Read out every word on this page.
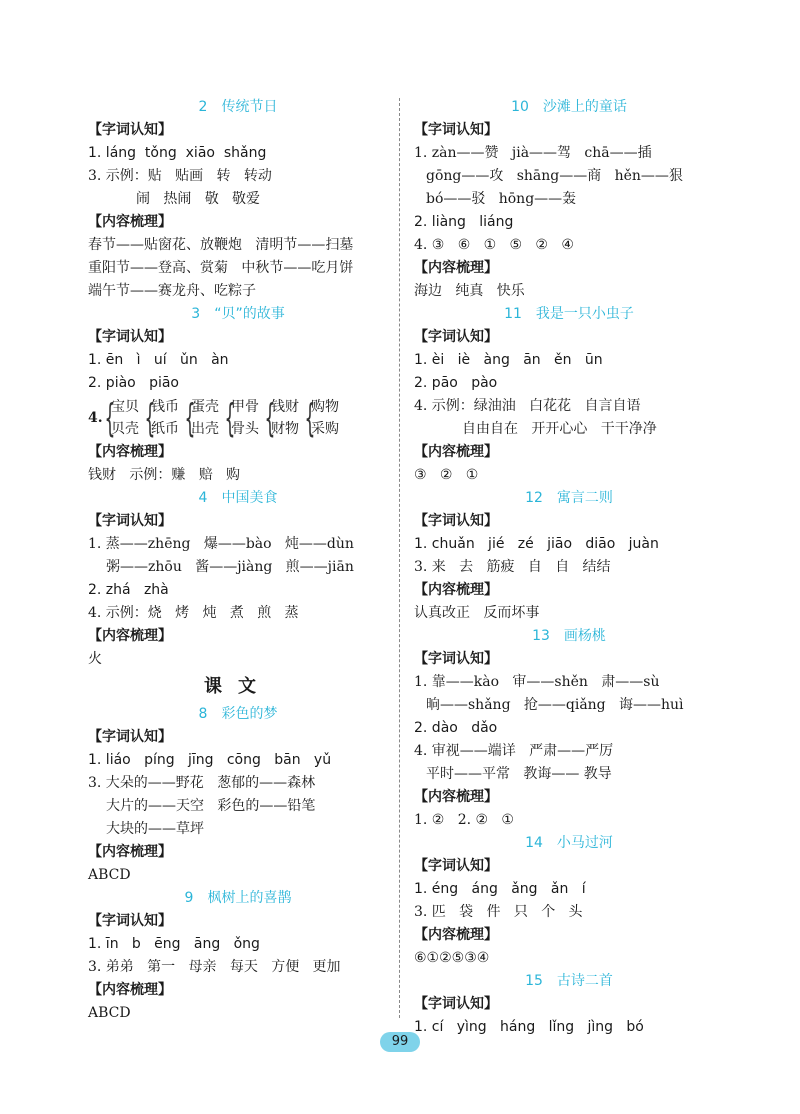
2 传统节日
【字词认知】
1. láng  tǒng  xiāo  shǎng
3. 示例：贴   贴画   转   转动
闹   热闹   敬   敬爱
【内容梳理】
春节——贴窗花、放鞭炮   清明节——扫墓
重阳节——登高、赏菊   中秋节——吃月饼
端午节——赛龙舟、吃粽子
3 “贝”的故事
【字词认知】
1. ēn   ì   uí   ǔn   àn
2. piào   piāo
4. {
宝贝
贝壳 {
钱币
纸币 {
蛋壳
出壳 {
甲骨
骨头 {
钱财
财物 {
购物
采购
【内容梳理】
钱财   示例：赚   赔   购
4 中国美食
【字词认知】
1. 蒸——zhēng   爆——bào   炖——dùn
粥——zhōu   酱——jiàng   煎——jiān
2. zhá   zhà
4. 示例：烧   烤   炖   煮   煎   蒸
【内容梳理】
火
课文
8 彩色的梦
【字词认知】
1. liáo   píng   jīng   cōng   bān   yǔ
3. 大朵的——野花   葱郁的——森林
大片的——天空   彩色的——铅笔
大块的——草坪
【内容梳理】
ABCD
9 枫树上的喜鹊
【字词认知】
1. īn   b   ēng   āng   ǒng
3. 弟弟   第一   母亲   每天   方便   更加
【内容梳理】
ABCD
10 沙滩上的童话
【字词认知】
1. zàn——赞   jià——驾   chā——插
gōng——攻   shāng——商   hěn——狠
bó——驳   hōng——轰
2. liàng   liáng
4. ③   ⑥   ①   ⑤   ②   ④
【内容梳理】
海边   纯真   快乐
11 我是一只小虫子
【字词认知】
1. èi   iè   àng   ān   ěn   ūn
2. pāo   pào
4. 示例：绿油油   白花花   自言自语
自由自在   开开心心   干干净净
【内容梳理】
③   ②   ①
12 寓言二则
【字词认知】
1. chuǎn   jié   zé   jiāo   diāo   juàn
3. 来   去   筋疲   自   自   结结
【内容梳理】
认真改正   反而坏事
13 画杨桃
【字词认知】
1. 靠——kào   审——shěn   肃——sù
晌——shǎng   抢——qiǎng   诲——huì
2. dào   dǎo
4. 审视——端详   严肃——严厉
平时——平常   教诲—— 教导
【内容梳理】
1. ②   2. ②   ①
14 小马过河
【字词认知】
1. éng   áng   ǎng   ǎn   í
3. 匹   袋   件   只   个   头
【内容梳理】
⑥①②⑤③④
15 古诗二首
【字词认知】
1. cí   yìng   háng   lǐng   jìng   bó
99
